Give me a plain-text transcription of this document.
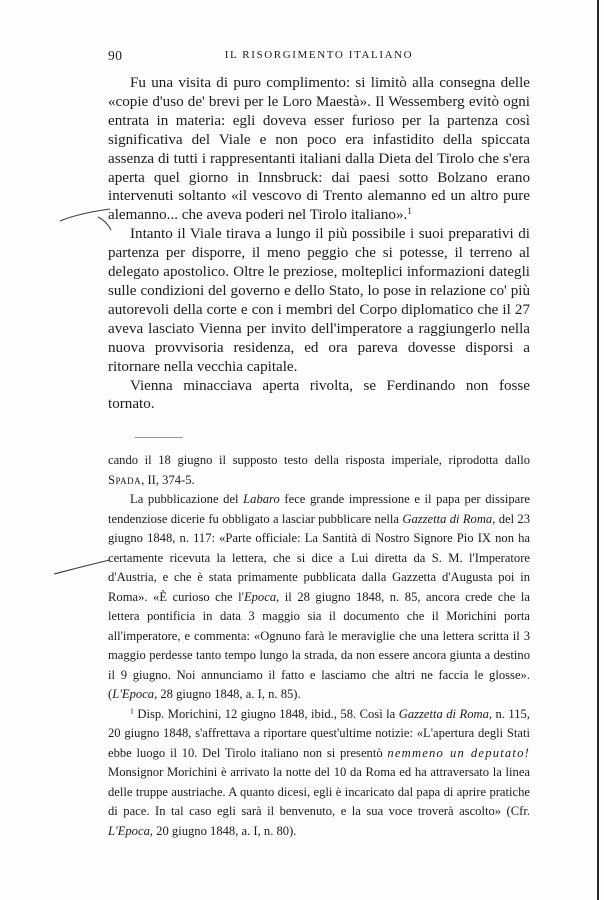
90	IL RISORGIMENTO ITALIANO

Fu una visita di puro complimento: si limitò alla consegna delle «copie d'uso de' brevi per le Loro Maestà». Il Wessemberg evitò ogni entrata in materia: egli doveva esser furioso per la partenza così significativa del Viale e non poco era infastidito della spiccata assenza di tutti i rappresentanti italiani dalla Dieta del Tirolo che s'era aperta quel giorno in Innsbruck: dai paesi sotto Bolzano erano intervenuti soltanto «il vescovo di Trento alemanno ed un altro pure alemanno... che aveva poderi nel Tirolo italiano».$^1$

Intanto il Viale tirava a lungo il più possibile i suoi preparativi di partenza per disporre, il meno peggio che si potesse, il terreno al delegato apostolico. Oltre le preziose, molteplici informazioni dategli sulle condizioni del governo e dello Stato, lo pose in relazione co' più autorevoli della corte e con i membri del Corpo diplomatico che il 27 aveva lasciato Vienna per invito dell'imperatore a raggiungerlo nella nuova provvisoria residenza, ed ora pareva dovesse disporsi a ritornare nella vecchia capitale.

Vienna minacciava aperta rivolta, se Ferdinando non fosse tornato.

cando il 18 giugno il supposto testo della risposta imperiale, riprodotta dallo Spada, II, 374-5.

La pubblicazione del Labaro fece grande impressione e il papa per dissipare tendenziose dicerie fu obbligato a lasciar pubblicare nella Gazzetta di Roma, del 23 giugno 1848, n. 117: «Parte officiale: La Santità di Nostro Signore Pio IX non ha certamente ricevuta la lettera, che si dice a Lui diretta da S. M. l'Imperatore d'Austria, e che è stata primamente pubblicata dalla Gazzetta d'Augusta poi in Roma». «È curioso che l'Epoca, il 28 giugno 1848, n. 85, ancora crede che la lettera pontificia in data 3 maggio sia il documento che il Morichini porta all'imperatore, e commenta: «Ognuno farà le meraviglie che una lettera scritta il 3 maggio perdesse tanto tempo lungo la strada, da non essere ancora giunta a destino il 9 giugno. Noi annunciamo il fatto e lasciamo che altri ne faccia le glosse». (L'Epoca, 28 giugno 1848, a. I, n. 85).

$^1$ Disp. Morichini, 12 giugno 1848, ibid., 58. Così la Gazzetta di Roma, n. 115, 20 giugno 1848, s'affrettava a riportare quest'ultime notizie: «L'apertura degli Stati ebbe luogo il 10. Del Tirolo italiano non si presentò nemmeno un deputato! Monsignor Morichini è arrivato la notte del 10 da Roma ed ha attraversato la linea delle truppe austriache. A quanto dicesi, egli è incaricato dal papa di aprire pratiche di pace. In tal caso egli sarà il benvenuto, e la sua voce troverà ascolto» (Cfr. L'Epoca, 20 giugno 1848, a. I, n. 80).
